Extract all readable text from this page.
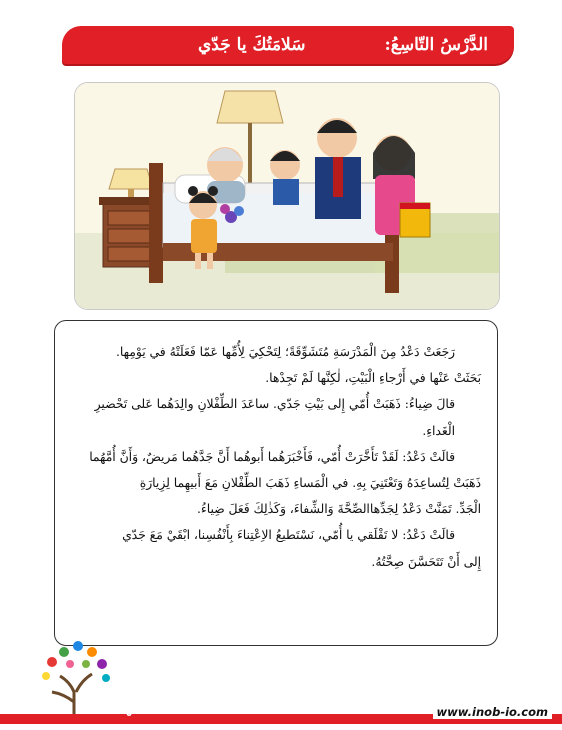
الدَّرْسُ التّاسِعُ:
سَلامَتُكَ يا جَدّي

رَجَعَتْ دَعْدُ مِنَ الْمَدْرَسَةِ مُتَشَوِّقَةً؛ لِتَحْكِيَ لِأُمِّها عَمّا فَعَلَتْهُ في يَوْمِها.

بَحَثَتْ عَنْها في أَرْجاءِ الْبَيْتِ، لٰكِنَّها لَمْ تَجِدْها.

قالَ ضِياءُ: ذَهَبَتْ أُمّي إِلى بَيْتِ جَدّي. ساعَدَ الطِّفْلانِ والِدَهُما عَلى تَحْضيرِ الْغَداءِ.

قالَتْ دَعْدُ: لَقَدْ تَأَخَّرَتْ أُمّي، فَأَخْبَرَهُما أَبوهُما أَنَّ جَدَّهُما مَريضٌ، وَأَنَّ أُمَّهُما

ذَهَبَتْ لِتُساعِدَهُ وَتَعْتَنِيَ بِهِ. في الْمَساءِ ذَهَبَ الطِّفْلانِ مَعَ أَبيهِما لِزِيارَةِ

الْجَدِّ. تَمَنَّتْ دَعْدُ لِجَدِّهاالصِّحَّةَ وَالشِّفاءَ، وَكَذٰلِكَ فَعَلَ ضِياءُ.

قالَتْ دَعْدُ: لا تَقْلَقي يا أُمّي، نَسْتَطيعُ الاِعْتِناءَ بِأَنْفُسِنا، ابْقَيْ مَعَ جَدّي

إِلى أَنْ تَتَحَسَّنَ صِحَّتُهُ.

٥	www.inob-io.com
